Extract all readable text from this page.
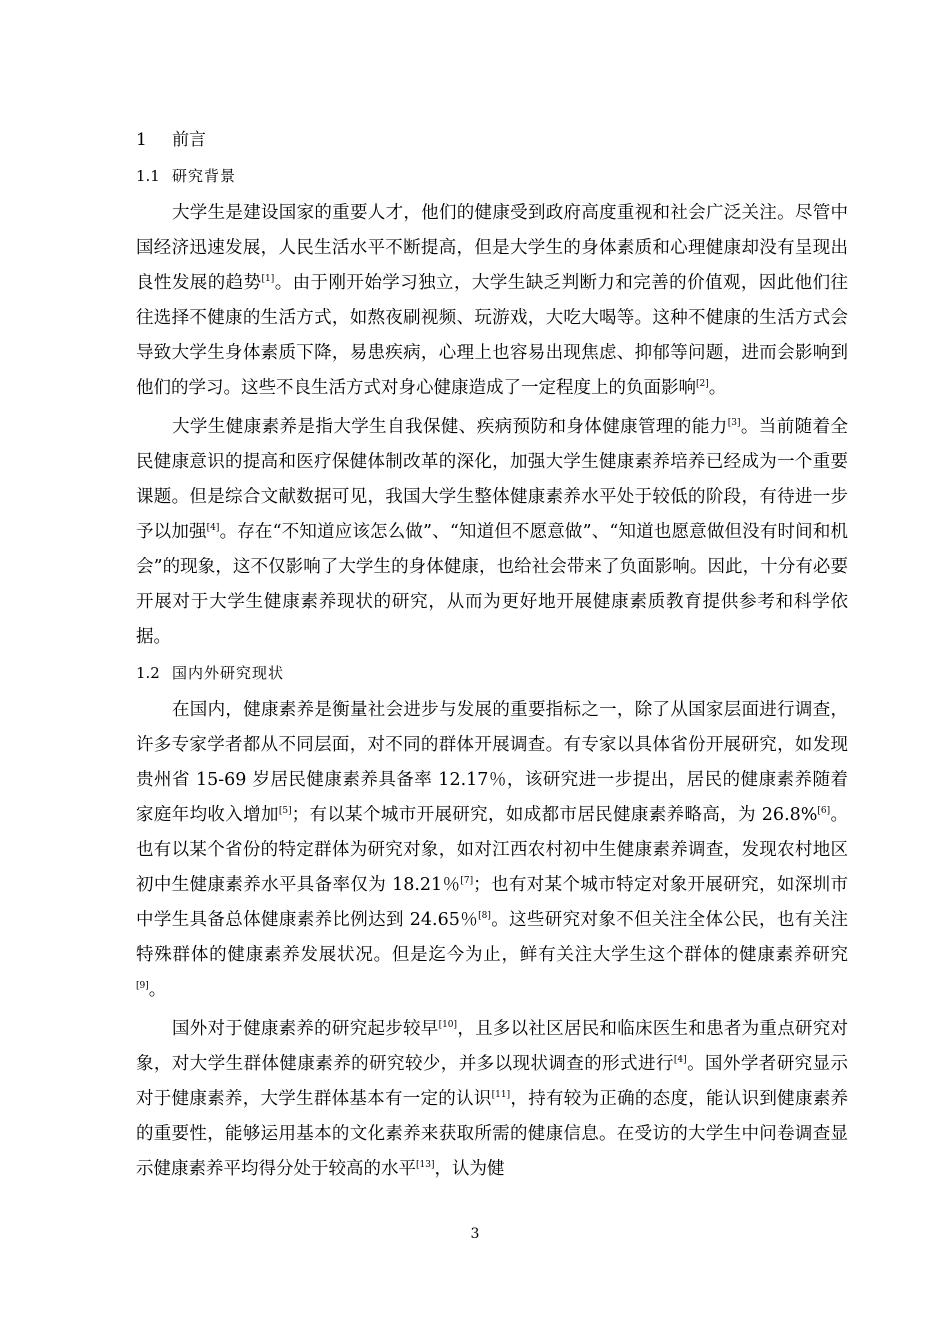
1 前言
1.1 研究背景

大学生是建设国家的重要人才，他们的健康受到政府高度重视和社会广泛关注。尽管中国经济迅速发展，人民生活水平不断提高，但是大学生的身体素质和心理健康却没有呈现出良性发展的趋势[1]。由于刚开始学习独立，大学生缺乏判断力和完善的价值观，因此他们往往选择不健康的生活方式，如熬夜刷视频、玩游戏，大吃大喝等。这种不健康的生活方式会导致大学生身体素质下降，易患疾病，心理上也容易出现焦虑、抑郁等问题，进而会影响到他们的学习。这些不良生活方式对身心健康造成了一定程度上的负面影响[2]。

大学生健康素养是指大学生自我保健、疾病预防和身体健康管理的能力[3]。当前随着全民健康意识的提高和医疗保健体制改革的深化，加强大学生健康素养培养已经成为一个重要课题。但是综合文献数据可见，我国大学生整体健康素养水平处于较低的阶段，有待进一步予以加强[4]。存在“不知道应该怎么做”、“知道但不愿意做”、“知道也愿意做但没有时间和机会”的现象，这不仅影响了大学生的身体健康，也给社会带来了负面影响。因此，十分有必要开展对于大学生健康素养现状的研究，从而为更好地开展健康素质教育提供参考和科学依据。

1.2 国内外研究现状

在国内，健康素养是衡量社会进步与发展的重要指标之一，除了从国家层面进行调查，许多专家学者都从不同层面，对不同的群体开展调查。有专家以具体省份开展研究，如发现贵州省 15-69 岁居民健康素养具备率 12.17％，该研究进一步提出，居民的健康素养随着家庭年均收入增加[5]；有以某个城市开展研究，如成都市居民健康素养略高，为 26.8%[6]。也有以某个省份的特定群体为研究对象，如对江西农村初中生健康素养调查，发现农村地区初中生健康素养水平具备率仅为 18.21％[7]；也有对某个城市特定对象开展研究，如深圳市中学生具备总体健康素养比例达到 24.65％[8]。这些研究对象不但关注全体公民，也有关注特殊群体的健康素养发展状况。但是迄今为止，鲜有关注大学生这个群体的健康素养研究[9]。

国外对于健康素养的研究起步较早[10]，且多以社区居民和临床医生和患者为重点研究对象，对大学生群体健康素养的研究较少，并多以现状调查的形式进行[4]。国外学者研究显示对于健康素养，大学生群体基本有一定的认识[11]，持有较为正确的态度，能认识到健康素养的重要性，能够运用基本的文化素养来获取所需的健康信息。在受访的大学生中问卷调查显示健康素养平均得分处于较高的水平[13]，认为健

3
